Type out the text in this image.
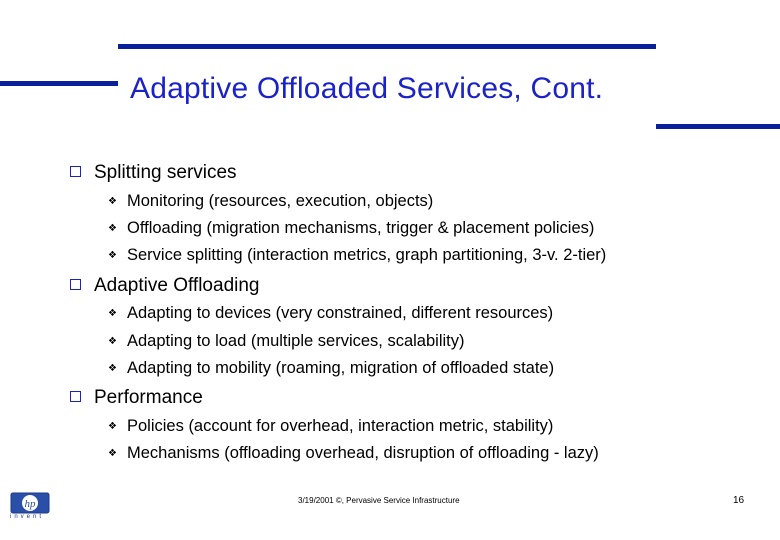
Adaptive Offloaded Services, Cont.
Splitting services
❖ Monitoring (resources, execution, objects)
❖ Offloading (migration mechanisms, trigger & placement policies)
❖ Service splitting (interaction metrics, graph partitioning, 3-v. 2-tier)
Adaptive Offloading
❖ Adapting to devices (very constrained, different resources)
❖ Adapting to load (multiple services, scalability)
❖ Adapting to mobility (roaming, migration of offloaded state)
Performance
❖ Policies (account for overhead, interaction metric, stability)
❖ Mechanisms (offloading overhead, disruption of offloading - lazy)
hp
invent
3/19/2001 ©, Pervasive Service Infrastructure	16
